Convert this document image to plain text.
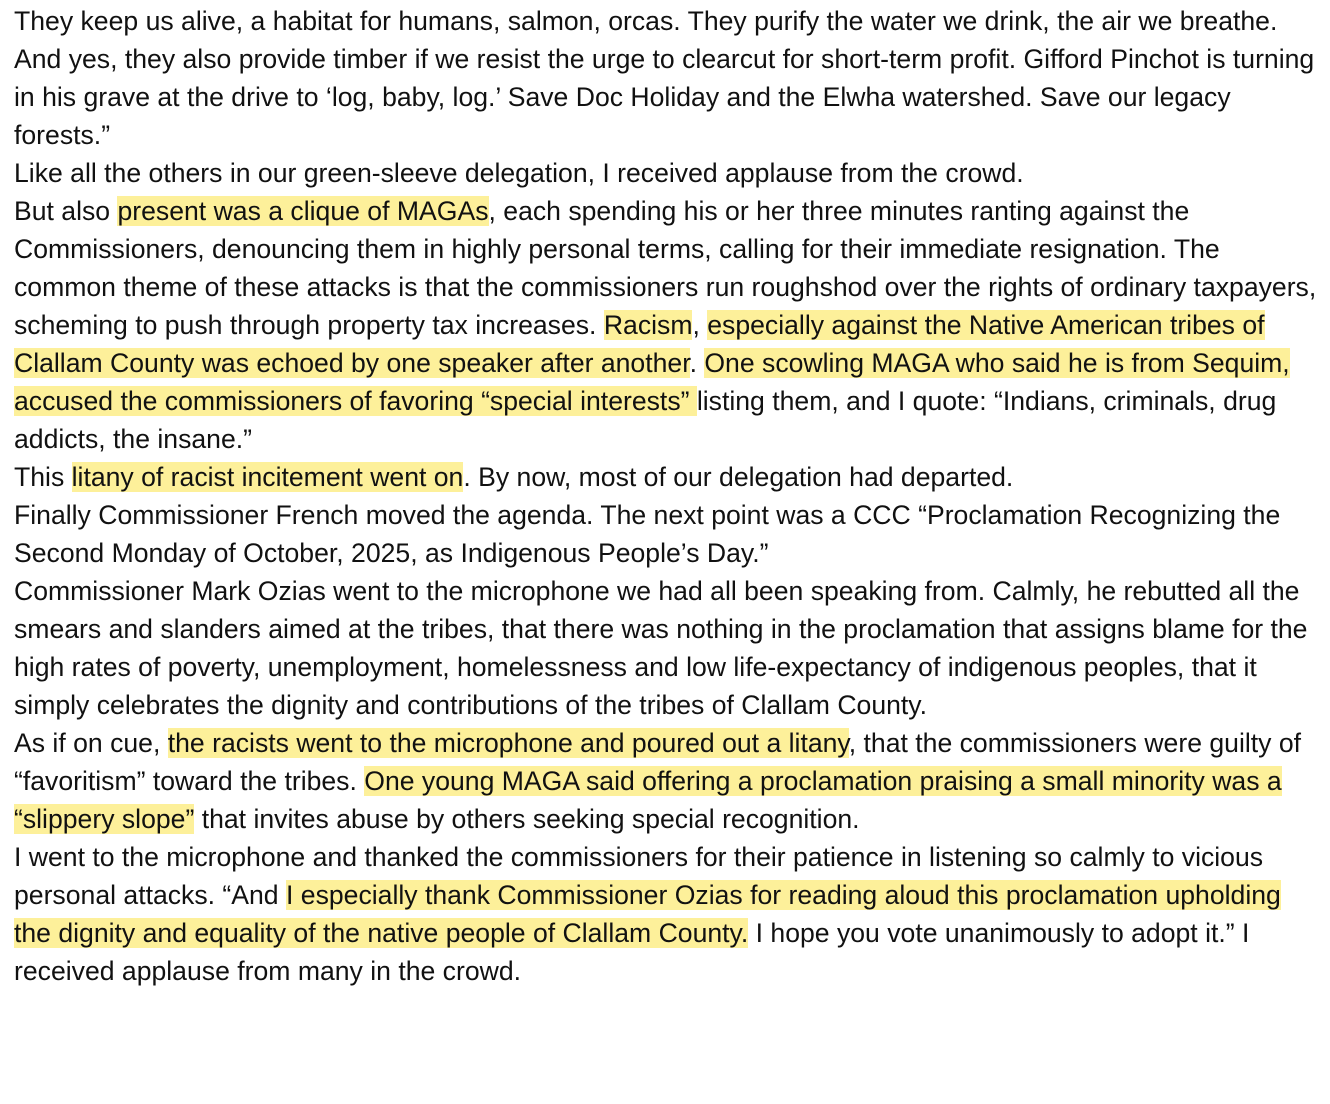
They keep us alive, a habitat for humans, salmon, orcas. They purify the water we drink, the air we breathe. And yes, they also provide timber if we resist the urge to clearcut for short-term profit. Gifford Pinchot is turning in his grave at the drive to ‘log, baby, log.’ Save Doc Holiday and the Elwha watershed. Save our legacy forests.”

Like all the others in our green-sleeve delegation, I received applause from the crowd.

But also present was a clique of MAGAs, each spending his or her three minutes ranting against the Commissioners, denouncing them in highly personal terms, calling for their immediate resignation. The common theme of these attacks is that the commissioners run roughshod over the rights of ordinary taxpayers, scheming to push through property tax increases. Racism, especially against the Native American tribes of Clallam County was echoed by one speaker after another. One scowling MAGA who said he is from Sequim, accused the commissioners of favoring “special interests” listing them, and I quote: “Indians, criminals, drug addicts, the insane.”

This litany of racist incitement went on. By now, most of our delegation had departed.

Finally Commissioner French moved the agenda. The next point was a CCC “Proclamation Recognizing the Second Monday of October, 2025, as Indigenous People’s Day.”

Commissioner Mark Ozias went to the microphone we had all been speaking from. Calmly, he rebutted all the smears and slanders aimed at the tribes, that there was nothing in the proclamation that assigns blame for the high rates of poverty, unemployment, homelessness and low life-expectancy of indigenous peoples, that it simply celebrates the dignity and contributions of the tribes of Clallam County.

As if on cue, the racists went to the microphone and poured out a litany, that the commissioners were guilty of “favoritism” toward the tribes. One young MAGA said offering a proclamation praising a small minority was a “slippery slope” that invites abuse by others seeking special recognition.

I went to the microphone and thanked the commissioners for their patience in listening so calmly to vicious personal attacks. “And I especially thank Commissioner Ozias for reading aloud this proclamation upholding the dignity and equality of the native people of Clallam County. I hope you vote unanimously to adopt it.” I received applause from many in the crowd.
